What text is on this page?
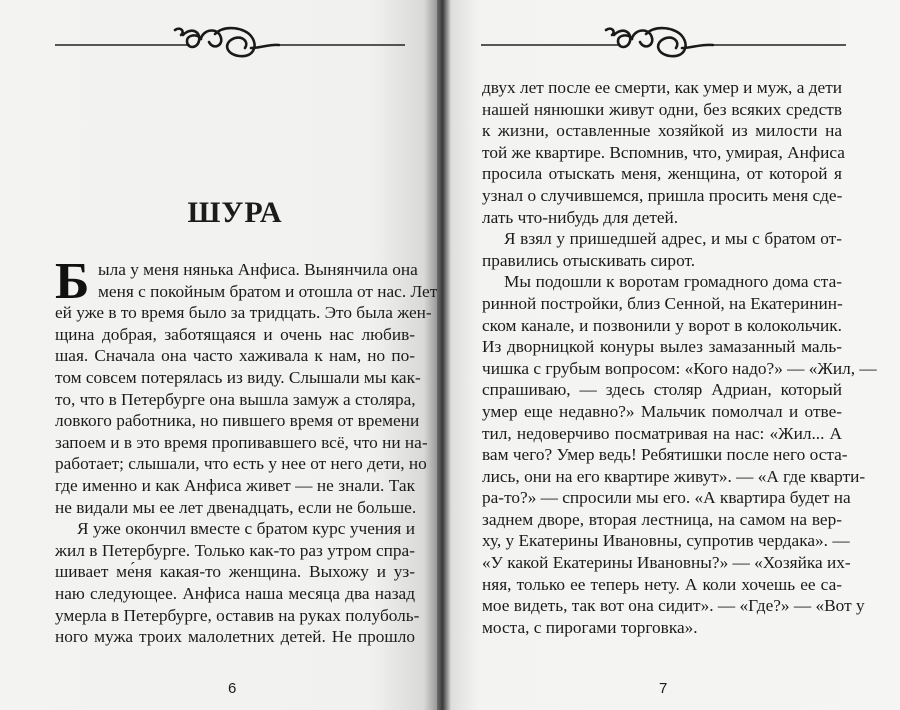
ШУРА
Б ыла у меня нянька Анфиса. Вынянчила она
меня с покойным братом и отошла от нас. Лет
ей уже в то время было за тридцать. Это была жен-
щина добрая, заботящаяся и очень нас любив-
шая. Сначала она часто хаживала к нам, но по-
том совсем потерялась из виду. Слышали мы как-
то, что в Петербурге она вышла замуж а столяра,
ловкого работника, но пившего время от времени
запоем и в это время пропивавшего всё, что ни на-
работает; слышали, что есть у нее от него дети, но
где именно и как Анфиса живет — не знали. Так
не видали мы ее лет двенадцать, если не больше.
Я уже окончил вместе с братом курс учения и
жил в Петербурге. Только как-то раз утром спра-
шивает ме́ня какая-то женщина. Выхожу и уз-
наю следующее. Анфиса наша месяца два назад
умерла в Петербурге, оставив на руках полуболь-
ного мужа троих малолетних детей. Не прошло
6
двух лет после ее смерти, как умер и муж, а дети
нашей нянюшки живут одни, без всяких средств
к жизни, оставленные хозяйкой из милости на
той же квартире. Вспомнив, что, умирая, Анфиса
просила отыскать меня, женщина, от которой я
узнал о случившемся, пришла просить меня сде-
лать что-нибудь для детей.
Я взял у пришедшей адрес, и мы с братом от-
правились отыскивать сирот.
Мы подошли к воротам громадного дома ста-
ринной постройки, близ Сенной, на Екатеринин-
ском канале, и позвонили у ворот в колокольчик.
Из дворницкой конуры вылез замазанный маль-
чишка с грубым вопросом: «Кого надо?» — «Жил, —
спрашиваю, — здесь столяр Адриан, который
умер еще недавно?» Мальчик помолчал и отве-
тил, недоверчиво посматривая на нас: «Жил... А
вам чего? Умер ведь! Ребятишки после него оста-
лись, они на его квартире живут». — «А где кварти-
ра-то?» — спросили мы его. «А квартира будет на
заднем дворе, вторая лестница, на самом на вер-
ху, у Екатерины Ивановны, супротив чердака». —
«У какой Екатерины Ивановны?» — «Хозяйка их-
няя, только ее теперь нету. А коли хочешь ее са-
мое видеть, так вот она сидит». — «Где?» — «Вот у
моста, с пирогами торговка».
7
